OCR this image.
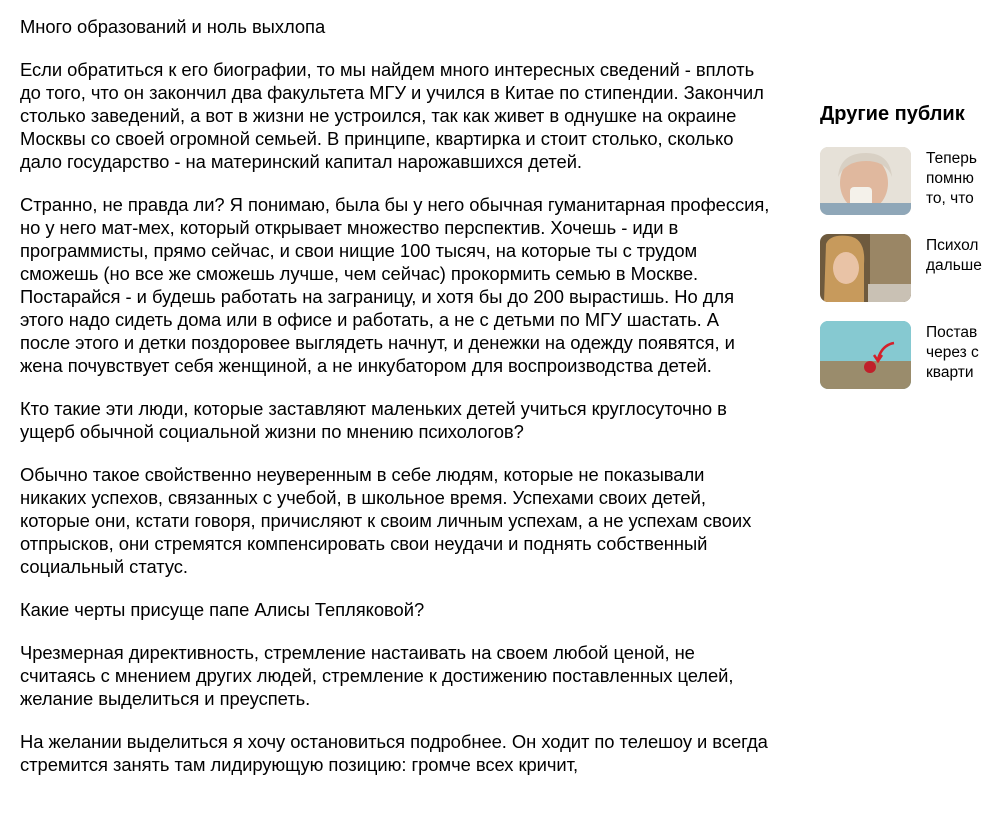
Много образований и ноль выхлопа

Если обратиться к его биографии, то мы найдем много интересных сведений - вплоть до того, что он закончил два факультета МГУ и учился в Китае по стипендии. Закончил столько заведений, а вот в жизни не устроился, так как живет в однушке на окраине Москвы со своей огромной семьей. В принципе, квартирка и стоит столько, сколько дало государство - на материнский капитал нарожавшихся детей.

Странно, не правда ли? Я понимаю, была бы у него обычная гуманитарная профессия, но у него мат-мех, который открывает множество перспектив. Хочешь - иди в программисты, прямо сейчас, и свои нищие 100 тысяч, на которые ты с трудом сможешь (но все же сможешь лучше, чем сейчас) прокормить семью в Москве. Постарайся - и будешь работать на заграницу, и хотя бы до 200 вырастишь. Но для этого надо сидеть дома или в офисе и работать, а не с детьми по МГУ шастать. А после этого и детки поздоровее выглядеть начнут, и денежки на одежду появятся, и жена почувствует себя женщиной, а не инкубатором для воспроизводства детей.

Кто такие эти люди, которые заставляют маленьких детей учиться круглосуточно в ущерб обычной социальной жизни по мнению психологов?

Обычно такое свойственно неуверенным в себе людям, которые не показывали никаких успехов, связанных с учебой, в школьное время. Успехами своих детей, которые они, кстати говоря, причисляют к своим личным успехам, а не успехам своих отпрысков, они стремятся компенсировать свои неудачи и поднять собственный социальный статус.

Какие черты присуще папе Алисы Тепляковой?

Чрезмерная директивность, стремление настаивать на своем любой ценой, не считаясь с мнением других людей, стремление к достижению поставленных целей, желание выделиться и преуспеть.

На желании выделиться я хочу остановиться подробнее. Он ходит по телешоу и всегда стремится занять там лидирующую позицию: громче всех кричит,

Другие публик
Теперь
помню
то, что
Психол
дальше
Постав
через с
кварти
